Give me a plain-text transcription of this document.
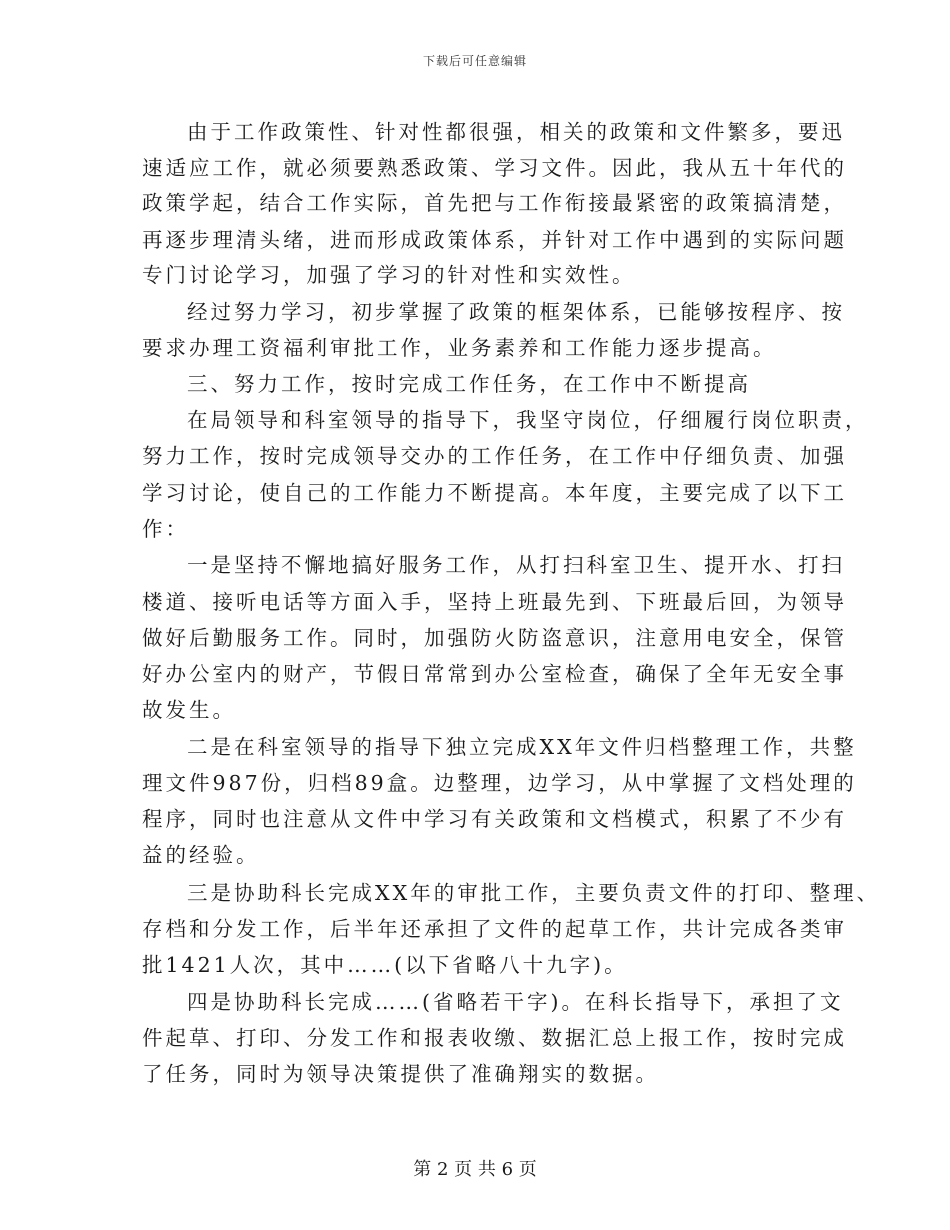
下载后可任意编辑
由于工作政策性、针对性都很强，相关的政策和文件繁多，要迅
速适应工作，就必须要熟悉政策、学习文件。因此，我从五十年代的
政策学起，结合工作实际，首先把与工作衔接最紧密的政策搞清楚，
再逐步理清头绪，进而形成政策体系，并针对工作中遇到的实际问题
专门讨论学习，加强了学习的针对性和实效性。
经过努力学习，初步掌握了政策的框架体系，已能够按程序、按
要求办理工资福利审批工作，业务素养和工作能力逐步提高。
三、努力工作，按时完成工作任务，在工作中不断提高
在局领导和科室领导的指导下，我坚守岗位，仔细履行岗位职责，
努力工作，按时完成领导交办的工作任务，在工作中仔细负责、加强
学习讨论，使自己的工作能力不断提高。本年度，主要完成了以下工
作：
一是坚持不懈地搞好服务工作，从打扫科室卫生、提开水、打扫
楼道、接听电话等方面入手，坚持上班最先到、下班最后回，为领导
做好后勤服务工作。同时，加强防火防盗意识，注意用电安全，保管
好办公室内的财产，节假日常常到办公室检查，确保了全年无安全事
故发生。
二是在科室领导的指导下独立完成XX年文件归档整理工作，共整
理文件987份，归档89盒。边整理，边学习，从中掌握了文档处理的
程序，同时也注意从文件中学习有关政策和文档模式，积累了不少有
益的经验。
三是协助科长完成XX年的审批工作，主要负责文件的打印、整理、
存档和分发工作，后半年还承担了文件的起草工作，共计完成各类审
批1421人次，其中……(以下省略八十九字)。
四是协助科长完成……(省略若干字)。在科长指导下，承担了文
件起草、打印、分发工作和报表收缴、数据汇总上报工作，按时完成
了任务，同时为领导决策提供了准确翔实的数据。
第 2 页 共 6 页
